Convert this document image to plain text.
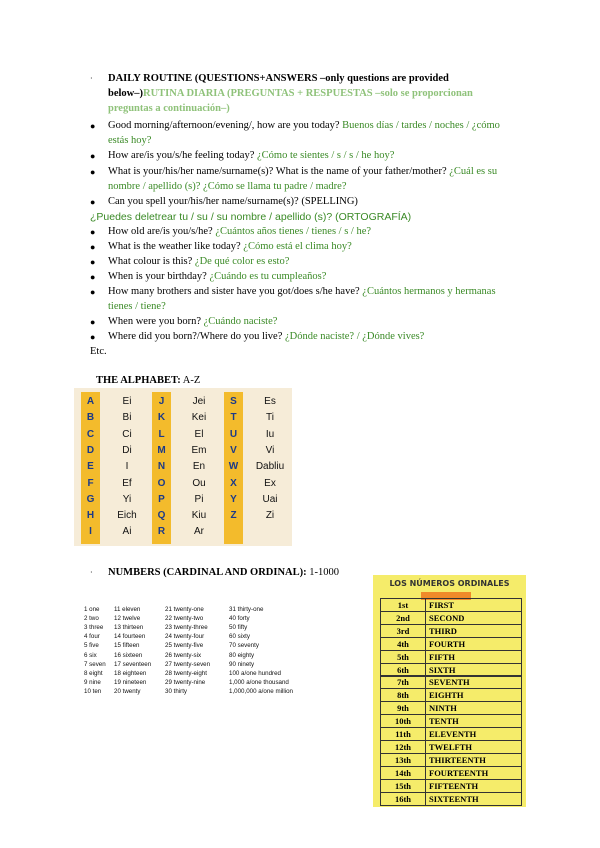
· DAILY ROUTINE (QUESTIONS+ANSWERS –only questions are provided
below–)RUTINA DIARIA (PREGUNTAS + RESPUESTAS –solo se proporcionan
preguntas a continuación–)
● Good morning/afternoon/evening/, how are you today? Buenos días / tardes / noches / ¿cómo
estás hoy?
● How are/is you/s/he feeling today? ¿Cómo te sientes / s / s / he hoy?
● What is your/his/her name/surname(s)? What is the name of your father/mother? ¿Cuál es su
nombre / apellido (s)? ¿Cómo se llama tu padre / madre?
● Can you spell your/his/her name/surname(s)? (SPELLING)
¿Puedes deletrear tu / su / su nombre / apellido (s)? (ORTOGRAFÍA)
● How old are/is you/s/he? ¿Cuántos años tienes / tienes / s / he?
● What is the weather like today? ¿Cómo está el clima hoy?
● What colour is this? ¿De qué color es esto?
● When is your birthday? ¿Cuándo es tu cumpleaños?
● How many brothers and sister have you got/does s/he have? ¿Cuántos hermanos y hermanas
tienes / tiene?
● When were you born? ¿Cuándo naciste?
● Where did you born?/Where do you live? ¿Dónde naciste? / ¿Dónde vives?
Etc.
THE ALPHABET: A-Z
A	Ei
B	Bi
C	Ci
D	Di
E	I
F	Ef
G	Yi
H	Eich
I	Ai
J	Jei
K	Kei
L	El
M	Em
N	En
O	Ou
P	Pi
Q	Kiu
R	Ar
S	Es
T	Ti
U	Iu
V	Vi
W	Dabliu
X	Ex
Y	Uai
Z	Zi
· NUMBERS (CARDINAL AND ORDINAL): 1-1000
1 one
2 two
3 three
4 four
5 five
6 six
7 seven
8 eight
9 nine
10 ten
11 eleven
12 twelve
13 thirteen
14 fourteen
15 fifteen
16 sixteen
17 seventeen
18 eighteen
19 nineteen
20 twenty
21 twenty-one
22 twenty-two
23 twenty-three
24 twenty-four
25 twenty-five
26 twenty-six
27 twenty-seven
28 twenty-eight
29 twenty-nine
30 thirty
31 thirty-one
40 forty
50 fifty
60 sixty
70 seventy
80 eighty
90 ninety
100 a/one hundred
1,000 a/one thousand
1,000,000 a/one million
LOS NÚMEROS ORDINALES
1st	FIRST
2nd	SECOND
3rd	THIRD
4th	FOURTH
5th	FIFTH
6th	SIXTH
7th	SEVENTH
8th	EIGHTH
9th	NINTH
10th	TENTH
11th	ELEVENTH
12th	TWELFTH
13th	THIRTEENTH
14th	FOURTEENTH
15th	FIFTEENTH
16th	SIXTEENTH
